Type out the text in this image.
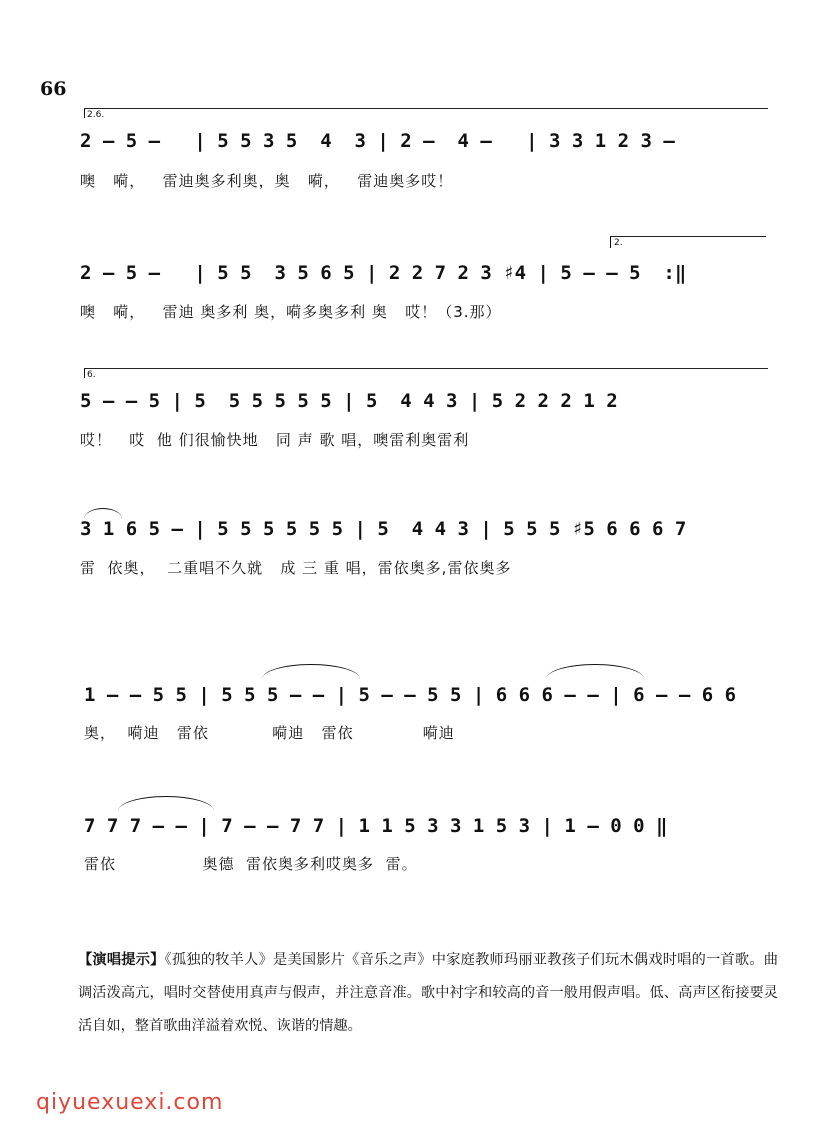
66
2.6.
2 – 5 –   | 5 5 3 5  4  3 | 2 –  4 –   | 3 3 1 2 3 –
噢   嗬，   雷迪奥多利奥，奥   嗬，   雷迪奥多哎！
2.
2 – 5 –   | 5 5  3 5 6 5 | 2 2 7 2 3 ♯4 | 5 – – 5  :‖
噢   嗬，   雷迪 奥多利 奥，嗬多奥多利 奥   哎！（3.那）
6.
5 – – 5 | 5  5 5 5 5 5 | 5  4 4 3 | 5 2 2 2 1 2
哎！   哎  他 们很愉快地   同 声 歌 唱，噢雷利奥雷利
3 1 6 5 – | 5 5 5 5 5 5 | 5  4 4 3 | 5 5 5 ♯5 6 6 6 7
雷  依奥，  二重唱不久就   成 三 重 唱，雷依奥多,雷依奥多
1 – – 5 5 | 5 5 5 – – | 5 – – 5 5 | 6 6 6 – – | 6 – – 6 6
奥，  嗬迪   雷依           嗬迪   雷依            嗬迪
7 7 7 – – | 7 – – 7 7 | 1 1 5 3 3 1 5 3 | 1 – 0 0 ‖
雷依               奥德  雷依奥多利哎奥多  雷。
【演唱提示】《孤独的牧羊人》是美国影片《音乐之声》中家庭教师玛丽亚教孩子们玩木偶戏时唱的一首歌。曲调活泼高亢，唱时交替使用真声与假声，并注意音准。歌中衬字和较高的音一般用假声唱。低、高声区衔接要灵活自如，整首歌曲洋溢着欢悦、诙谐的情趣。
qiyuexuexi.com
